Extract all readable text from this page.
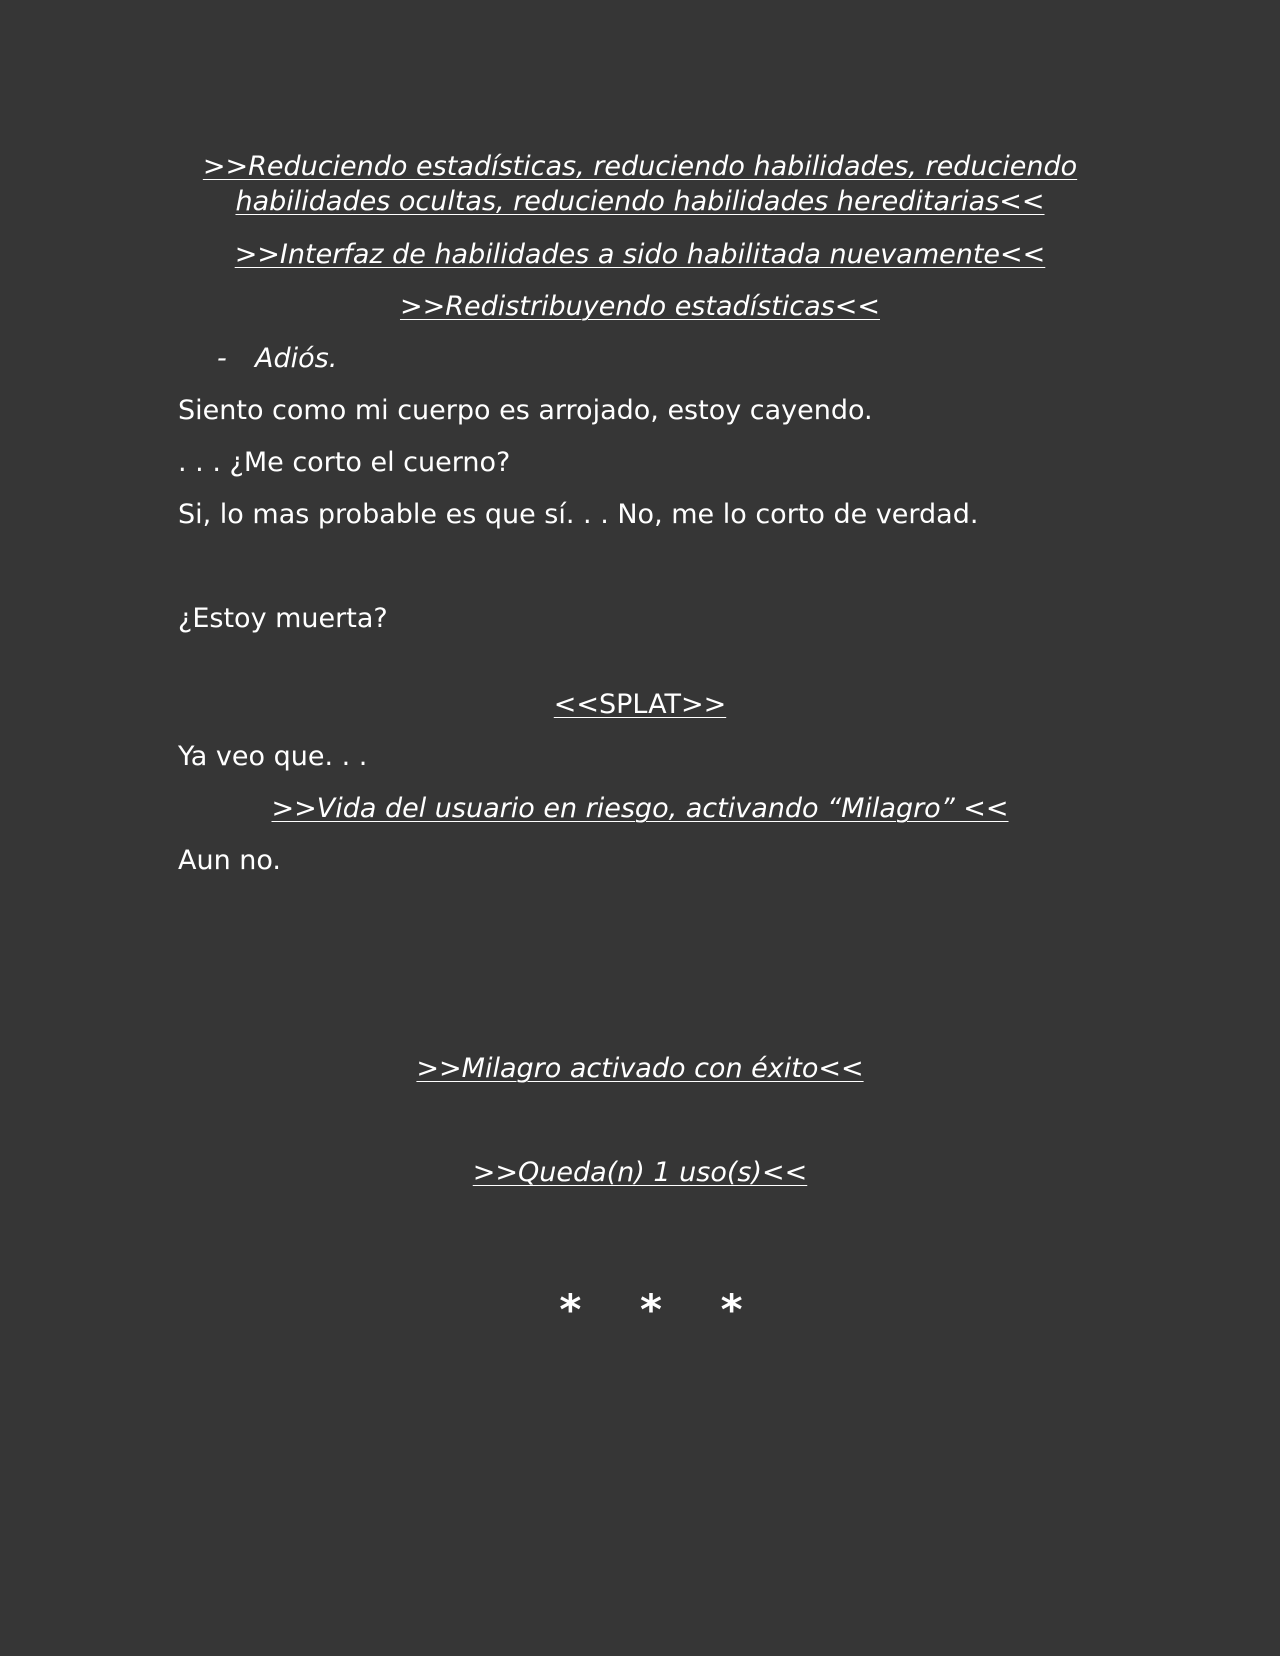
>>Reduciendo estadísticas, reduciendo habilidades, reduciendo
habilidades ocultas, reduciendo habilidades hereditarias<<
>>Interfaz de habilidades a sido habilitada nuevamente<<
>>Redistribuyendo estadísticas<<
- Adiós.
Siento como mi cuerpo es arrojado, estoy cayendo.
. . . ¿Me corto el cuerno?
Si, lo mas probable es que sí. . . No, me lo corto de verdad.
¿Estoy muerta?
<<SPLAT>>
Ya veo que. . .
>>Vida del usuario en riesgo, activando “Milagro” <<
Aun no.
>>Milagro activado con éxito<<
>>Queda(n) 1 uso(s)<<
* * *
